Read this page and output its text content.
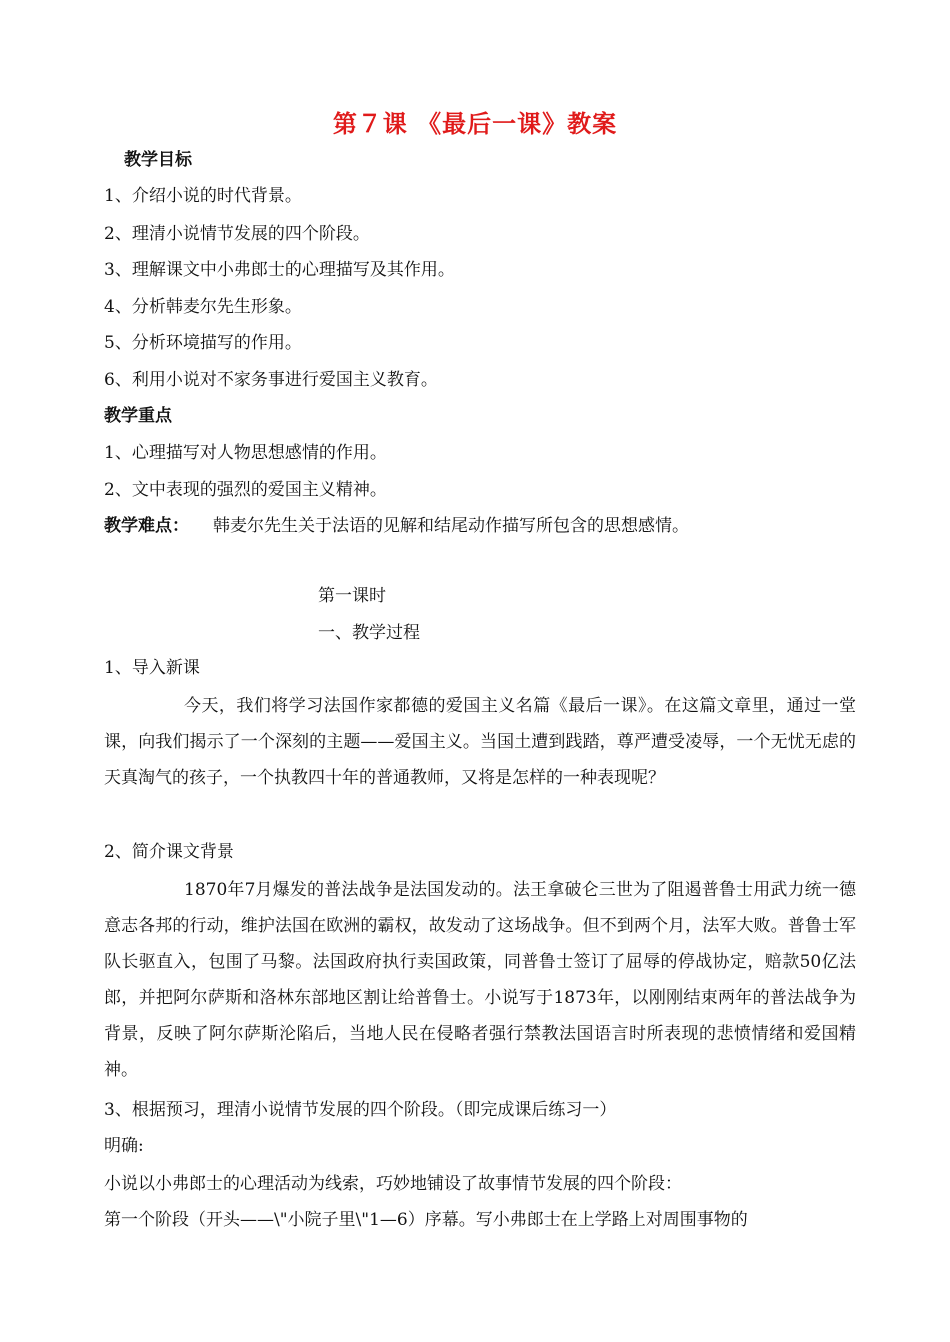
第７课 《最后一课》教案

教学目标

1、介绍小说的时代背景。

2、理清小说情节发展的四个阶段。

3、理解课文中小弗郎士的心理描写及其作用。

4、分析韩麦尔先生形象。

5、分析环境描写的作用。

6、利用小说对不家务事进行爱国主义教育。

教学重点

1、心理描写对人物思想感情的作用。

2、文中表现的强烈的爱国主义精神。

教学难点： 韩麦尔先生关于法语的见解和结尾动作描写所包含的思想感情。

第一课时

一、教学过程

1、导入新课

今天，我们将学习法国作家都德的爱国主义名篇《最后一课》。在这篇文章里，通过一堂课，向我们揭示了一个深刻的主题——爱国主义。当国土遭到践踏，尊严遭受凌辱，一个无忧无虑的天真淘气的孩子，一个执教四十年的普通教师，又将是怎样的一种表现呢？

2、简介课文背景

1870年7月爆发的普法战争是法国发动的。法王拿破仑三世为了阻遏普鲁士用武力统一德意志各邦的行动，维护法国在欧洲的霸权，故发动了这场战争。但不到两个月，法军大败。普鲁士军队长驱直入，包围了马黎。法国政府执行卖国政策，同普鲁士签订了屈辱的停战协定，赔款50亿法郎，并把阿尔萨斯和洛林东部地区割让给普鲁士。小说写于1873年，以刚刚结束两年的普法战争为背景，反映了阿尔萨斯沦陷后，当地人民在侵略者强行禁教法国语言时所表现的悲愤情绪和爱国精神。

3、根据预习，理清小说情节发展的四个阶段。（即完成课后练习一）

明确:

小说以小弗郎士的心理活动为线索，巧妙地铺设了故事情节发展的四个阶段：

第一个阶段（开头——\"小院子里\"1—6）序幕。写小弗郎士在上学路上对周围事物的
